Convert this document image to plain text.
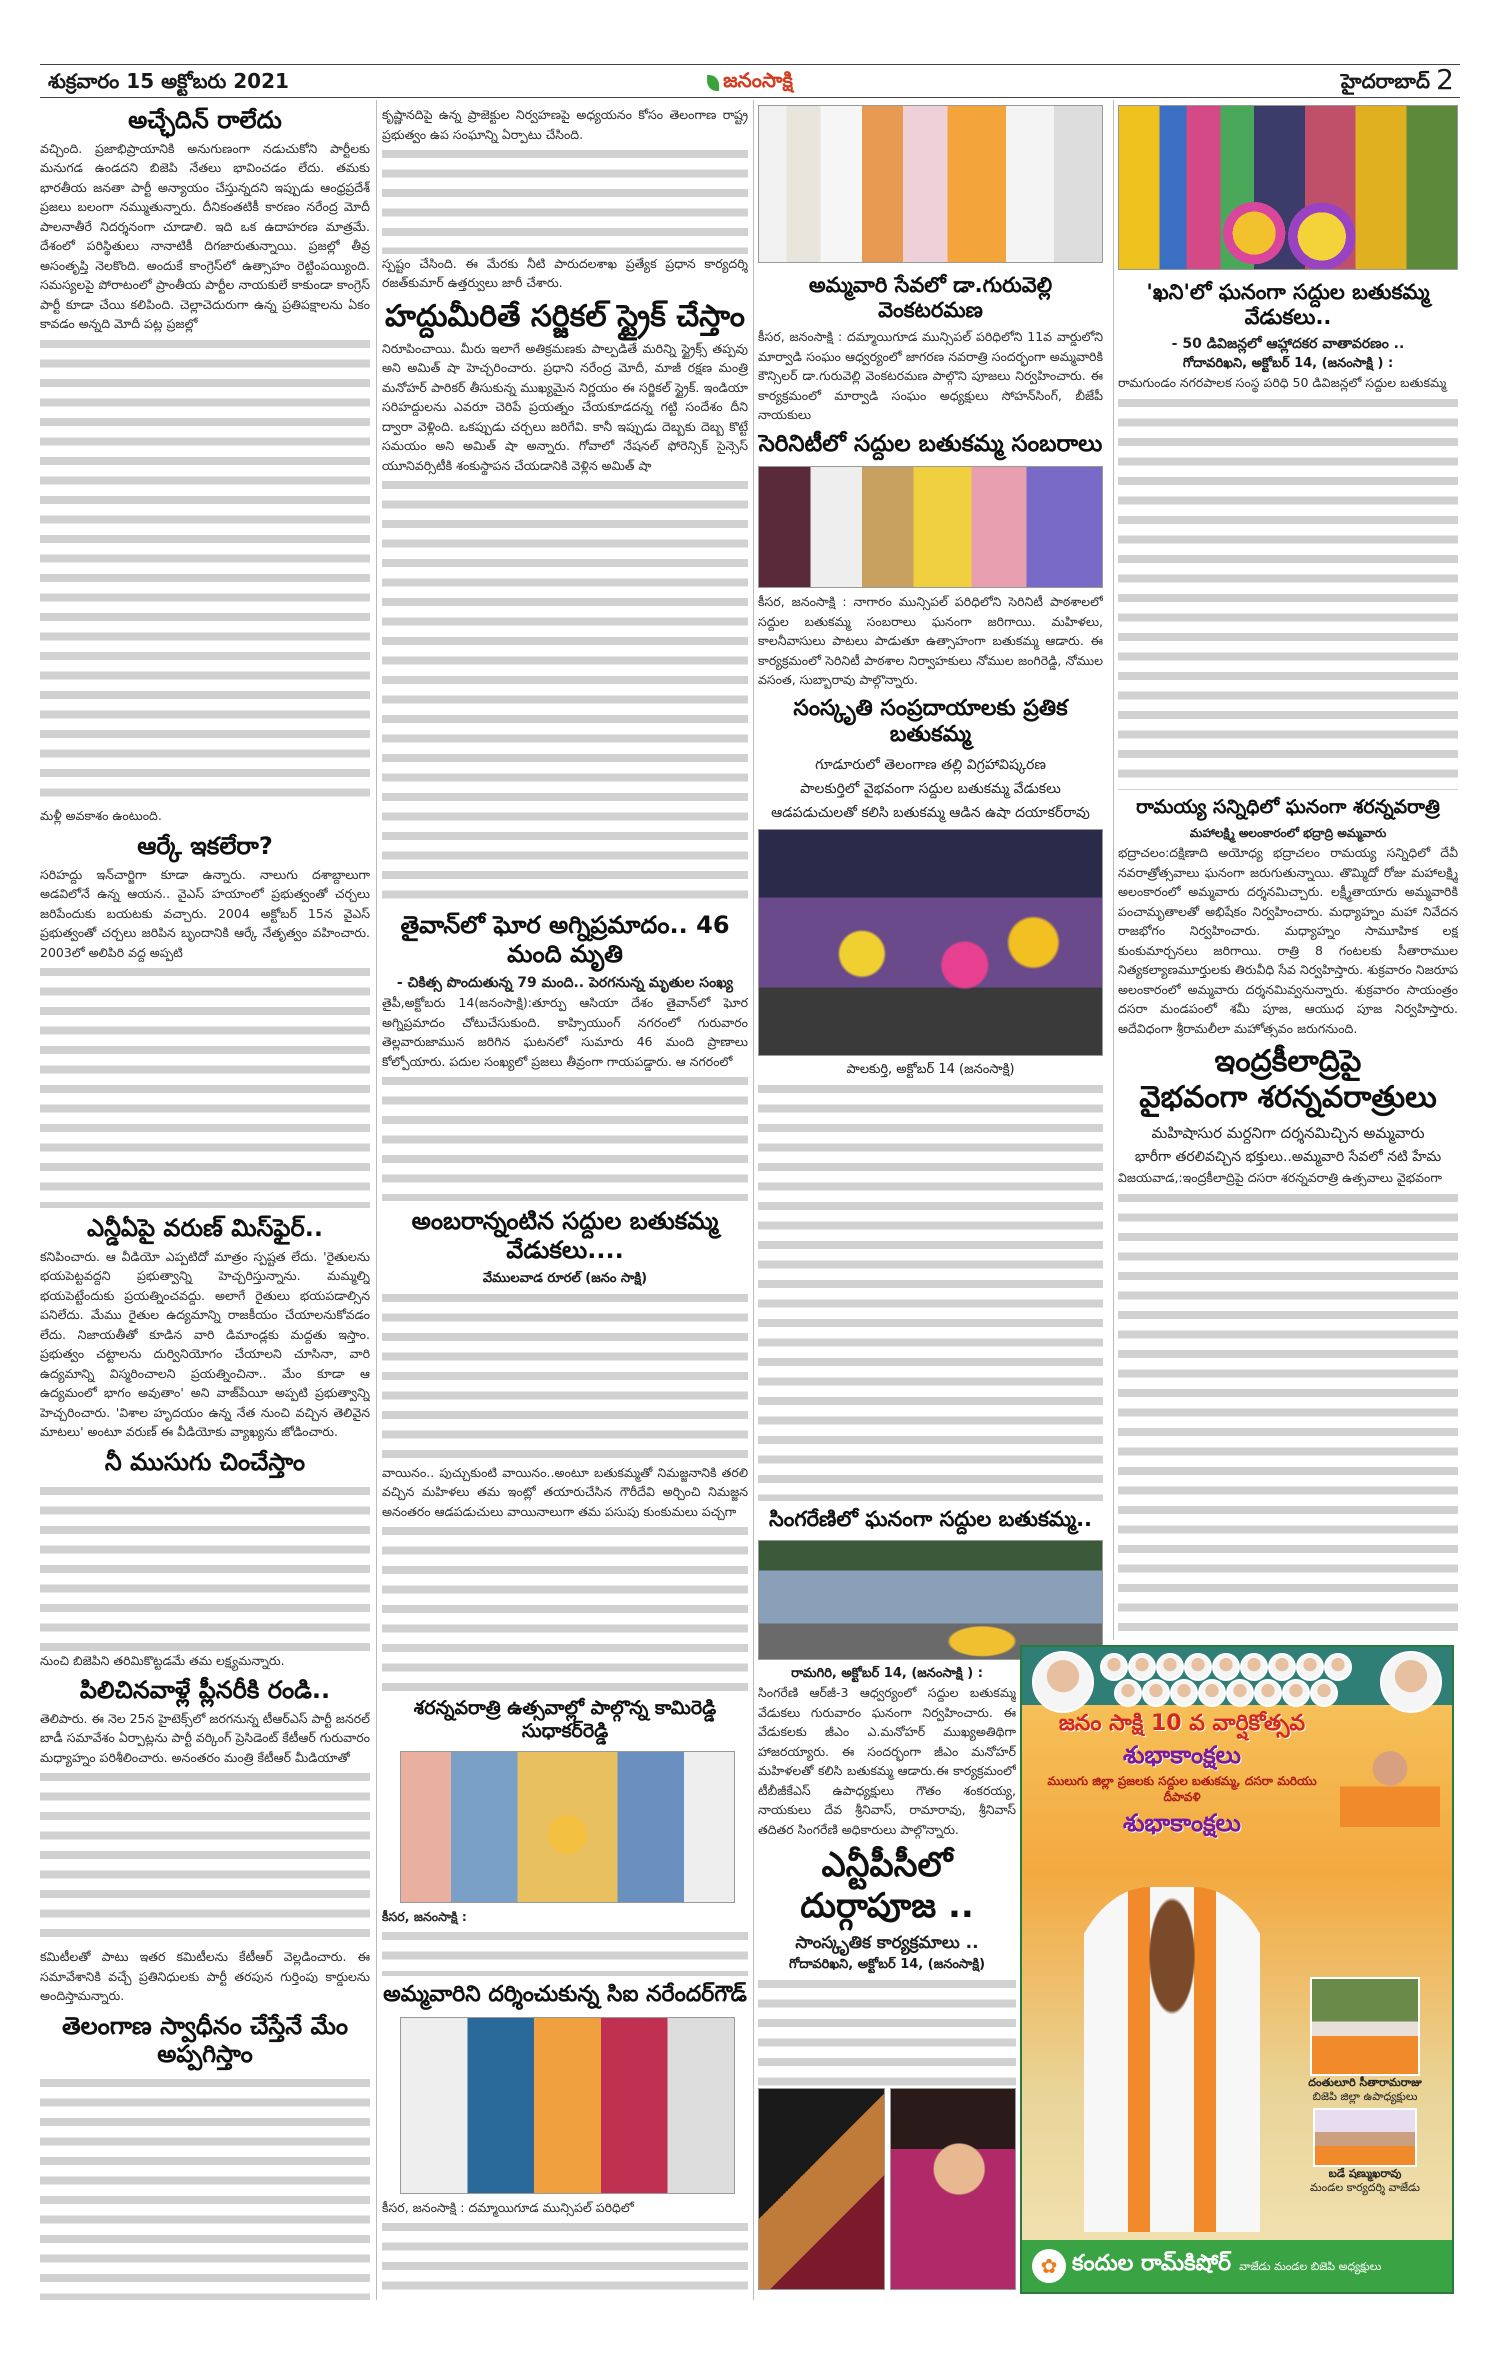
శుక్రవారం 15 అక్టోబరు 2021	జనంసాక్షి	హైదరాబాద్ 2
అచ్ఛేదిన్ రాలేదు

వచ్చింది. ప్రజాభిప్రాయానికి అనుగుణంగా నడుచుకోని పార్టీలకు మనుగడ ఉండదని బిజెపి నేతలు భావించడం లేదు. తమకు భారతీయ జనతా పార్టీ అన్యాయం చేస్తున్నదని ఇప్పుడు ఆంధ్రప్రదేశ్ ప్రజలు బలంగా నమ్ముతున్నారు. దీనికంతటికీ కారణం నరేంద్ర మోదీ పాలనాతీరే నిదర్శనంగా చూడాలి. ఇది ఒక ఉదాహరణ మాత్రమే. దేశంలో పరిస్థితులు నానాటికీ దిగజారుతున్నాయి. ప్రజల్లో తీవ్ర అసంతృప్తి నెలకొంది. అందుకే కాంగ్రెస్‌లో ఉత్సాహం రెట్టింపయ్యింది. సమస్యలపై పోరాటంలో ప్రాంతీయ పార్టీల నాయకులే కాకుండా కాంగ్రెస్ పార్టీ కూడా చేయి కలిపింది. చెల్లాచెదురుగా ఉన్న ప్రతిపక్షాలను ఏకం కావడం అన్నది మోదీ పట్ల ప్రజల్లో

మళ్లీ అవకాశం ఉంటుంది.

ఆర్కే ఇకలేరా?

సరిహద్దు ఇన్‌చార్జిగా కూడా ఉన్నారు. నాలుగు దశాబ్దాలుగా అడవిలోనే ఉన్న ఆయన.. వైఎస్ హయాంలో ప్రభుత్వంతో చర్చలు జరిపేందుకు బయటకు వచ్చారు. 2004 అక్టోబర్ 15న వైఎస్ ప్రభుత్వంతో చర్చలు జరిపిన బృందానికి ఆర్కే నేతృత్వం వహించారు. 2003లో అలిపిరి వద్ద అప్పటి

ఎన్డీఏపై వరుణ్ మిస్‌ఫైర్..

కనిపించారు. ఆ వీడియో ఎప్పటిదో మాత్రం స్పష్టత లేదు. 'రైతులను భయపెట్టవద్దని ప్రభుత్వాన్ని హెచ్చరిస్తున్నాను. మమ్మల్ని భయపెట్టేందుకు ప్రయత్నించవద్దు. అలాగే రైతులు భయపడాల్సిన పనిలేదు. మేము రైతుల ఉద్యమాన్ని రాజకీయం చేయాలనుకోవడం లేదు. నిజాయతీతో కూడిన వారి డిమాండ్లకు మద్దతు ఇస్తాం. ప్రభుత్వం చట్టాలను దుర్వినియోగం చేయాలని చూసినా, వారి ఉద్యమాన్ని విస్మరించాలని ప్రయత్నించినా.. మేం కూడా ఆ ఉద్యమంలో భాగం అవుతాం' అని వాజ్‌పేయీ అప్పటి ప్రభుత్వాన్ని హెచ్చరించారు. 'విశాల హృదయం ఉన్న నేత నుంచి వచ్చిన తెలివైన మాటలు' అంటూ వరుణ్ ఈ వీడియోకు వ్యాఖ్యను జోడించారు.

నీ ముసుగు చించేస్తాం

నుంచి బిజెపిని తరిమికొట్టడమే తమ లక్ష్యమన్నారు.

పిలిచినవాళ్లే ప్లీనరీకి రండి..

తెలిపారు. ఈ నెల 25న హైటెక్స్‌లో జరగనున్న టీఆర్‌ఎస్ పార్టీ జనరల్ బాడీ సమావేశం ఏర్పాట్లను పార్టీ వర్కింగ్ ప్రెసిడెంట్ కేటీఆర్ గురువారం మధ్యాహ్నం పరిశీలించారు. అనంతరం మంత్రి కేటీఆర్ మీడియాతో

కమిటీలతో పాటు ఇతర కమిటీలను కేటీఆర్ వెల్లడించారు. ఈ సమావేశానికి వచ్చే ప్రతినిధులకు పార్టీ తరపున గుర్తింపు కార్డులను అందిస్తామన్నారు.

తెలంగాణ స్వాధీనం చేస్తేనే మేం అప్పగిస్తాం

కృష్ణానదిపై ఉన్న ప్రాజెక్టుల నిర్వహణపై అధ్యయనం కోసం తెలంగాణ రాష్ట్ర ప్రభుత్వం ఉప సంఘాన్ని ఏర్పాటు చేసింది.

స్పష్టం చేసింది. ఈ మేరకు నీటి పారుదలశాఖ ప్రత్యేక ప్రధాన కార్యదర్శి రజత్‌కుమార్ ఉత్తర్వులు జారీ చేశారు.

హద్దుమీరితే సర్జికల్ స్ట్రైక్ చేస్తాం

నిరూపించాయి. మీరు ఇలాగే అతిక్రమణకు పాల్పడితే మరిన్ని స్ట్రైక్స్ తప్పవు అని అమిత్ షా హెచ్చరించారు. ప్రధాని నరేంద్ర మోదీ, మాజీ రక్షణ మంత్రి మనోహర్ పారికర్ తీసుకున్న ముఖ్యమైన నిర్ణయం ఈ సర్జికల్ స్ట్రైక్. ఇండియా సరిహద్దులను ఎవరూ చెరిపే ప్రయత్నం చేయకూడదన్న గట్టి సందేశం దీని ద్వారా వెళ్లింది. ఒకప్పుడు చర్చలు జరిగేవి. కానీ ఇప్పుడు దెబ్బకు దెబ్బ కొట్టే సమయం అని అమిత్ షా అన్నారు. గోవాలో నేషనల్ ఫోరెన్సిక్ సైన్సెస్ యూనివర్సిటీకి శంకుస్థాపన చేయడానికి వెళ్లిన అమిత్ షా

తైవాన్‌లో ఘోర అగ్నిప్రమాదం.. 46 మంది మృతి
- చికిత్స పొందుతున్న 79 మంది.. పెరగనున్న మృతుల సంఖ్య

తైపీ,అక్టోబరు 14(జనంసాక్షి):తూర్పు ఆసియా దేశం తైవాన్‌లో ఘోర అగ్నిప్రమాదం చోటుచేసుకుంది. కాహ్సియుంగ్ నగరంలో గురువారం తెల్లవారుజామున జరిగిన ఘటనలో సుమారు 46 మంది ప్రాణాలు కోల్పోయారు. పదుల సంఖ్యలో ప్రజలు తీవ్రంగా గాయపడ్డారు. ఆ నగరంలో

అంబరాన్నంటిన సద్దుల బతుకమ్మ వేడుకలు....
వేములవాడ రూరల్ (జనం సాక్షి)

వాయినం.. పుచ్చుకుంటి వాయినం..అంటూ బతుకమ్మతో నిమజ్జనానికి తరలి వచ్చిన మహిళలు తమ ఇంట్లో తయారుచేసిన గౌరీదేవి అర్చించి నిమజ్జన అనంతరం ఆడపడుచులు వాయినాలుగా తమ పసుపు కుంకుమలు పచ్చగా

శరన్నవరాత్రి ఉత్సవాల్లో పాల్గొన్న కామిరెడ్డి సుధాకర్‌రెడ్డి

కీసర, జనంసాక్షి :

అమ్మవారిని దర్శించుకున్న సిఐ నరేందర్‌గౌడ్

కీసర, జనంసాక్షి : దమ్మాయిగూడ మున్సిపల్ పరిధిలో

అమ్మవారి సేవలో డా.గురువెల్లి వెంకటరమణ

కీసర, జనంసాక్షి : దమ్మాయిగూడ మున్సిపల్ పరిధిలోని 11వ వార్డులోని మార్వాడి సంఘం ఆధ్వర్యంలో జాగరణ నవరాత్రి సందర్భంగా అమ్మవారికి కౌన్సిలర్ డా.గురువెల్లి వెంకటరమణ పాల్గొని పూజలు నిర్వహించారు. ఈ కార్యక్రమంలో మార్వాడి సంఘం అధ్యక్షులు సోహన్‌సింగ్, బీజేపీ నాయకులు

సెరినిటీలో సద్దుల బతుకమ్మ సంబరాలు

కీసర, జనంసాక్షి : నాగారం మున్సిపల్ పరిధిలోని సెరినిటీ పాఠశాలలో సద్దుల బతుకమ్మ సంబరాలు ఘనంగా జరిగాయి. మహిళలు, కాలనీవాసులు పాటలు పాడుతూ ఉత్సాహంగా బతుకమ్మ ఆడారు. ఈ కార్యక్రమంలో సెరినిటీ పాఠశాల నిర్వాహకులు నోముల జంగిరెడ్డి, నోముల వసంత, సుబ్బారావు పాల్గొన్నారు.

సంస్కృతి సంప్రదాయాలకు ప్రతిక బతుకమ్మ
గూడూరులో తెలంగాణ తల్లి విగ్రహావిష్కరణ
పాలకుర్తిలో వైభవంగా సద్దుల బతుకమ్మ వేడుకలు
ఆడపడుచులతో కలిసి బతుకమ్మ ఆడిన ఉషా దయాకర్‌రావు
పాలకుర్తి, అక్టోబర్ 14 (జనంసాక్షి)
సింగరేణిలో ఘనంగా సద్దుల బతుకమ్మ..
రామగిరి, అక్టోబర్ 14, (జనంసాక్షి ) :

సింగరేణి ఆర్‌జీ-3 ఆధ్వర్యంలో సద్దుల బతుకమ్మ వేడుకలు గురువారం ఘనంగా నిర్వహించారు. ఈ వేడుకలకు జీఎం ఎ.మనోహర్ ముఖ్యఅతిథిగా హాజరయ్యారు. ఈ సందర్భంగా జీఎం మనోహర్ మహిళలతో కలిసి బతుకమ్మ ఆడారు.ఈ కార్యక్రమంలో టీబీజీకేఎస్ ఉపాధ్యక్షులు గౌతం శంకరయ్య, నాయకులు దేవ శ్రీనివాస్, రామారావు, శ్రీనివాస్ తదితర సింగరేణి అధికారులు పాల్గొన్నారు.

ఎన్టీపీసీలో
దుర్గాపూజ ..
సాంస్కృతిక కార్యక్రమాలు ..
గోదావరిఖని, అక్టోబర్ 14, (జనంసాక్షి)
'ఖని'లో ఘనంగా సద్దుల బతుకమ్మ వేడుకలు..
- 50 డివిజన్లలో ఆహ్లాదకర వాతావరణం ..
గోదావరిఖని, అక్టోబర్ 14, (జనంసాక్షి ) :

రామగుండం నగరపాలక సంస్థ పరిధి 50 డివిజన్లలో సద్దుల బతుకమ్మ

రామయ్య సన్నిధిలో ఘనంగా శరన్నవరాత్రి
మహాలక్ష్మి అలంకారంలో భద్రాద్రి అమ్మవారు

భద్రాచలం:దక్షిణాది అయోధ్య భద్రాచలం రామయ్య సన్నిధిలో దేవీ నవరాత్రోత్సవాలు ఘనంగా జరుగుతున్నాయి. తొమ్మిదో రోజు మహాలక్ష్మి అలంకారంలో అమ్మవారు దర్శనమిచ్చారు. లక్ష్మీతాయారు అమ్మవారికి పంచామృతాలతో అభిషేకం నిర్వహించారు. మధ్యాహ్నం మహా నివేదన రాజభోగం నిర్వహించారు. మధ్యాహ్నం సామూహిక లక్ష కుంకుమార్చనలు జరిగాయి. రాత్రి 8 గంటలకు సీతారాముల నిత్యకల్యాణమూర్తులకు తిరువీధి సేవ నిర్వహిస్తారు. శుక్రవారం నిజరూప అలంకారంలో అమ్మవారు దర్శనమివ్వనున్నారు. శుక్రవారం సాయంత్రం దసరా మండపంలో శమీ పూజ, ఆయుధ పూజ నిర్వహిస్తారు. అదేవిధంగా శ్రీరామలీలా మహోత్సవం జరుగనుంది.

ఇంద్రకీలాద్రిపై
వైభవంగా శరన్నవరాత్రులు
మహిషాసుర మర్దనిగా దర్శనమిచ్చిన అమ్మవారు
భారీగా తరలివచ్చిన భక్తులు..అమ్మవారి సేవలో నటి హేమ

విజయవాడ,:ఇంద్రకీలాద్రిపై దసరా శరన్నవరాత్రి ఉత్సవాలు వైభవంగా

జనం సాక్షి 10 వ వార్షికోత్సవ
శుభాకాంక్షలు
ములుగు జిల్లా ప్రజలకు సద్దుల బతుకమ్మ, దసరా మరియు దీపావళి
శుభాకాంక్షలు
దంతులూరి సీతారామరాజు
బిజెపి జిల్లా ఉపాధ్యక్షులు
బడే షణ్ముఖరావు
మండల కార్యదర్శి వాజేడు
✿ కందుల రామ్‌కిషోర్ వాజేడు మండల బిజెపి అధ్యక్షులు
